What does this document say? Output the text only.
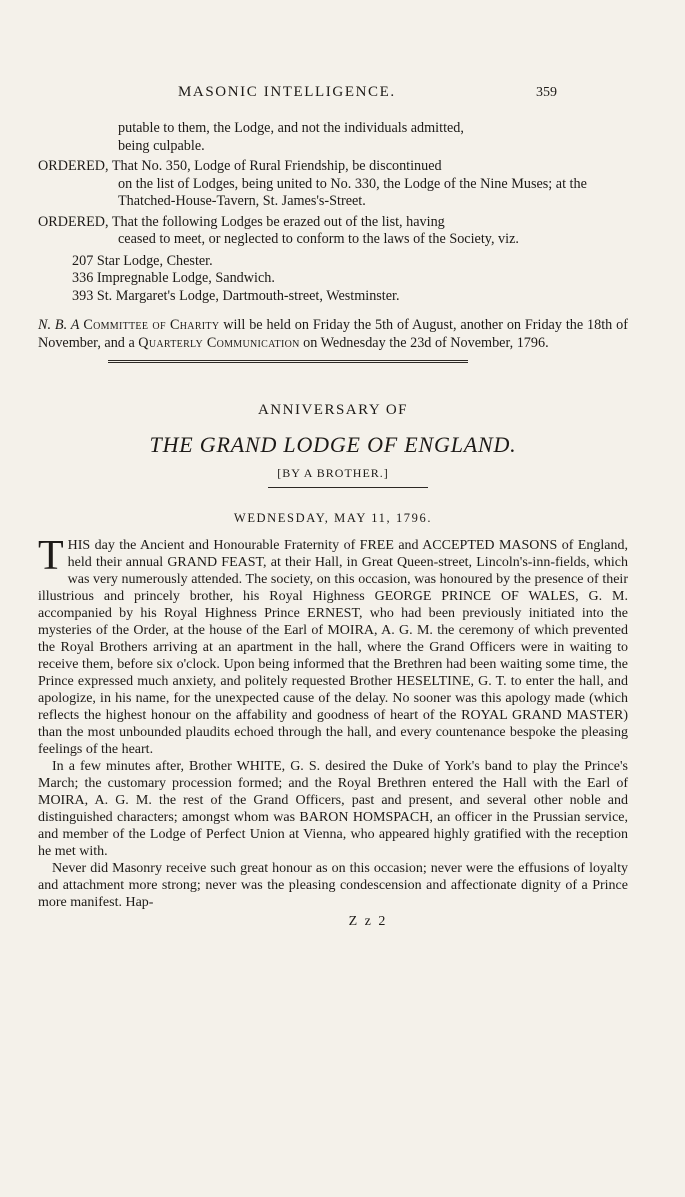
MASONIC INTELLIGENCE.	359
putable to them, the Lodge, and not the individuals admitted,
being culpable.
ORDERED, That No. 350, Lodge of Rural Friendship, be discontinued
on the list of Lodges, being united to No. 330, the Lodge of the Nine Muses; at the Thatched-House-Tavern, St. James's-Street.
ORDERED, That the following Lodges be erazed out of the list, having
ceased to meet, or neglected to conform to the laws of the Society, viz.
207 Star Lodge, Chester.
336 Impregnable Lodge, Sandwich.
393 St. Margaret's Lodge, Dartmouth-street, Westminster.
N. B. A Committee of Charity will be held on Friday the 5th of August, another on Friday the 18th of November, and a Quarterly Communication on Wednesday the 23d of November, 1796.
ANNIVERSARY OF
THE GRAND LODGE OF ENGLAND.
[BY A BROTHER.]
WEDNESDAY, MAY 11, 1796.

T HIS day the Ancient and Honourable Fraternity of FREE and ACCEPTED MASONS of England, held their annual GRAND FEAST, at their Hall, in Great Queen-street, Lincoln's-inn-fields, which was very numerously attended. The society, on this occasion, was honoured by the presence of their illustrious and princely brother, his Royal Highness GEORGE PRINCE OF WALES, G. M. accompanied by his Royal Highness Prince ERNEST, who had been previously initiated into the mysteries of the Order, at the house of the Earl of MOIRA, A. G. M. the ceremony of which prevented the Royal Brothers arriving at an apartment in the hall, where the Grand Officers were in waiting to receive them, before six o'clock. Upon being informed that the Brethren had been waiting some time, the Prince expressed much anxiety, and politely requested Brother HESELTINE, G. T. to enter the hall, and apologize, in his name, for the unexpected cause of the delay. No sooner was this apology made (which reflects the highest honour on the affability and goodness of heart of the ROYAL GRAND MASTER) than the most unbounded plaudits echoed through the hall, and every countenance bespoke the pleasing feelings of the heart.

In a few minutes after, Brother WHITE, G. S. desired the Duke of York's band to play the Prince's March; the customary procession formed; and the Royal Brethren entered the Hall with the Earl of MOIRA, A. G. M. the rest of the Grand Officers, past and present, and several other noble and distinguished characters; amongst whom was BARON HOMSPACH, an officer in the Prussian service, and member of the Lodge of Perfect Union at Vienna, who appeared highly gratified with the reception he met with.

Never did Masonry receive such great honour as on this occasion; never were the effusions of loyalty and attachment more strong; never was the pleasing condescension and affectionate dignity of a Prince more manifest. Hap-

Z z 2
